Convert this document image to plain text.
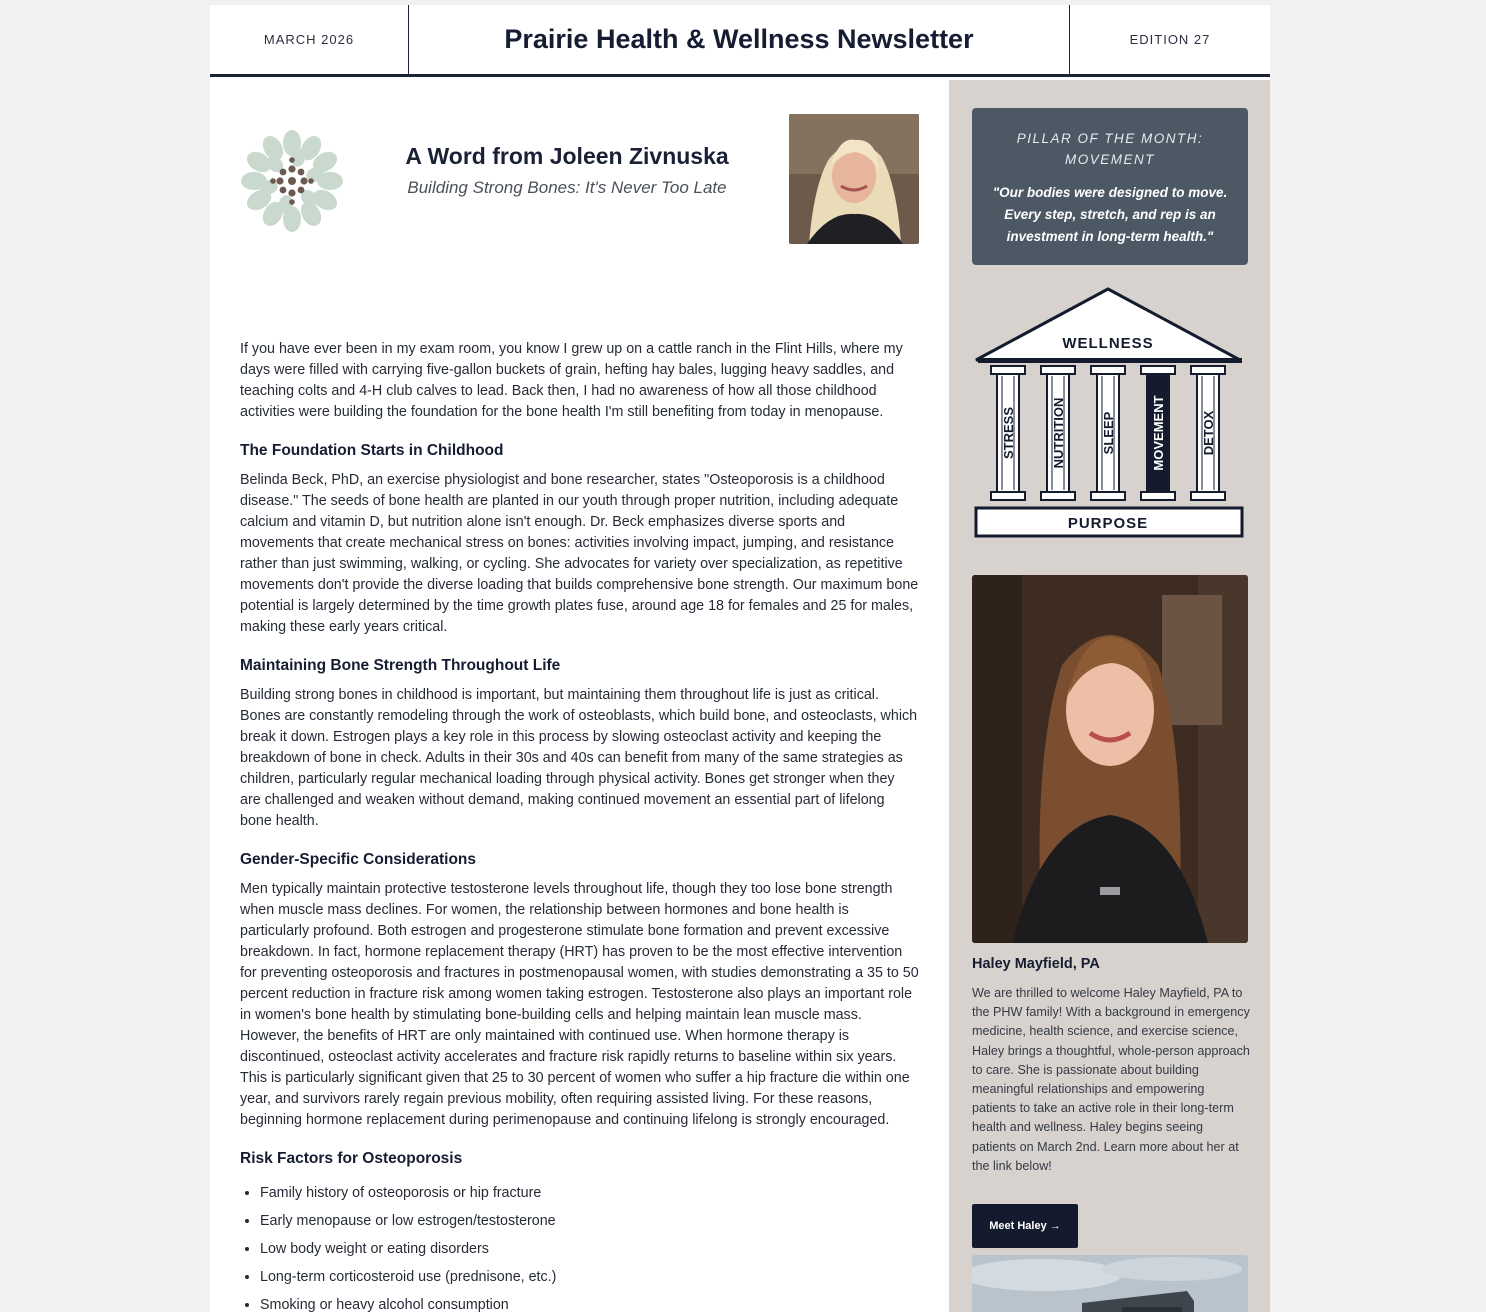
MARCH 2026	Prairie Health & Wellness Newsletter	EDITION 27
A Word from Joleen Zivnuska
Building Strong Bones: It's Never Too Late

If you have ever been in my exam room, you know I grew up on a cattle ranch in the Flint Hills, where my days were filled with carrying five-gallon buckets of grain, hefting hay bales, lugging heavy saddles, and teaching colts and 4-H club calves to lead. Back then, I had no awareness of how all those childhood activities were building the foundation for the bone health I'm still benefiting from today in menopause.

The Foundation Starts in Childhood

Belinda Beck, PhD, an exercise physiologist and bone researcher, states "Osteoporosis is a childhood disease." The seeds of bone health are planted in our youth through proper nutrition, including adequate calcium and vitamin D, but nutrition alone isn't enough. Dr. Beck emphasizes diverse sports and movements that create mechanical stress on bones: activities involving impact, jumping, and resistance rather than just swimming, walking, or cycling. She advocates for variety over specialization, as repetitive movements don't provide the diverse loading that builds comprehensive bone strength. Our maximum bone potential is largely determined by the time growth plates fuse, around age 18 for females and 25 for males, making these early years critical.

Maintaining Bone Strength Throughout Life

Building strong bones in childhood is important, but maintaining them throughout life is just as critical. Bones are constantly remodeling through the work of osteoblasts, which build bone, and osteoclasts, which break it down. Estrogen plays a key role in this process by slowing osteoclast activity and keeping the breakdown of bone in check. Adults in their 30s and 40s can benefit from many of the same strategies as children, particularly regular mechanical loading through physical activity. Bones get stronger when they are challenged and weaken without demand, making continued movement an essential part of lifelong bone health.

Gender-Specific Considerations

Men typically maintain protective testosterone levels throughout life, though they too lose bone strength when muscle mass declines. For women, the relationship between hormones and bone health is particularly profound. Both estrogen and progesterone stimulate bone formation and prevent excessive breakdown. In fact, hormone replacement therapy (HRT) has proven to be the most effective intervention for preventing osteoporosis and fractures in postmenopausal women, with studies demonstrating a 35 to 50 percent reduction in fracture risk among women taking estrogen. Testosterone also plays an important role in women's bone health by stimulating bone-building cells and helping maintain lean muscle mass. However, the benefits of HRT are only maintained with continued use. When hormone therapy is discontinued, osteoclast activity accelerates and fracture risk rapidly returns to baseline within six years. This is particularly significant given that 25 to 30 percent of women who suffer a hip fracture die within one year, and survivors rarely regain previous mobility, often requiring assisted living. For these reasons, beginning hormone replacement during perimenopause and continuing lifelong is strongly encouraged.

Risk Factors for Osteoporosis
• Family history of osteoporosis or hip fracture
• Early menopause or low estrogen/testosterone
• Low body weight or eating disorders
• Long-term corticosteroid use (prednisone, etc.)
• Smoking or heavy alcohol consumption
PILLAR OF THE MONTH: MOVEMENT
"Our bodies were designed to move. Every step, stretch, and rep is an investment in long-term health."
WELLNESS
STRESS	NUTRITION	SLEEP	MOVEMENT	DETOX
PURPOSE
Haley Mayfield, PA
We are thrilled to welcome Haley Mayfield, PA to the PHW family! With a background in emergency medicine, health science, and exercise science, Haley brings a thoughtful, whole-person approach to care. She is passionate about building meaningful relationships and empowering patients to take an active role in their long-term health and wellness. Haley begins seeing patients on March 2nd. Learn more about her at the link below!
Meet Haley →
